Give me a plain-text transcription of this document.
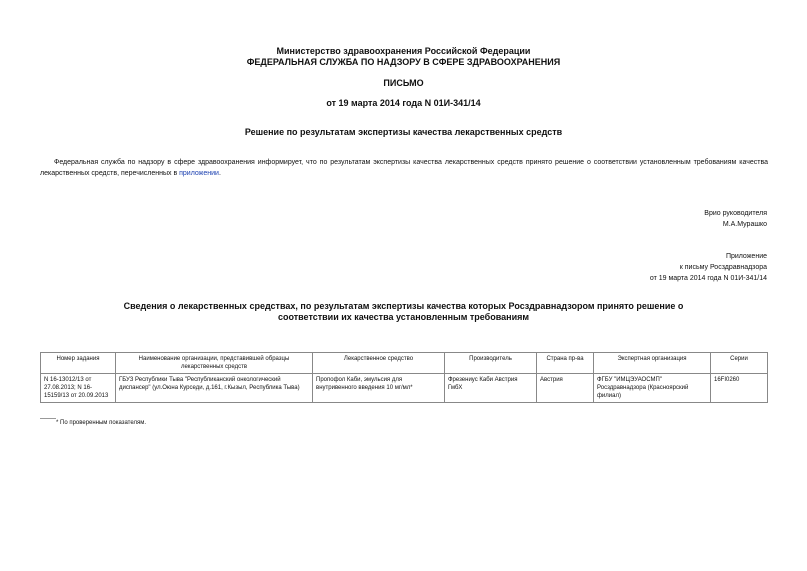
Министерство здравоохранения Российской Федерации
ФЕДЕРАЛЬНАЯ СЛУЖБА ПО НАДЗОРУ В СФЕРЕ ЗДРАВООХРАНЕНИЯ
ПИСЬМО
от 19 марта 2014 года N 01И-341/14
Решение по результатам экспертизы качества лекарственных средств
Федеральная служба по надзору в сфере здравоохранения информирует, что по результатам экспертизы качества лекарственных средств принято решение о соответствии установленным требованиям качества лекарственных средств, перечисленных в приложении.
Врио руководителя
М.А.Мурашко
Приложение
к письму Росздравнадзора
от 19 марта 2014 года N 01И-341/14
Сведения о лекарственных средствах, по результатам экспертизы качества которых Росздравнадзором принято решение о соответствии их качества установленным требованиям
Номер задания	Наименование организации, представившей образцы лекарственных средств	Лекарственное средство	Производитель	Страна пр-ва	Экспертная организация	Серии
N 16-13012/13 от 27.08.2013; N 16-15159/13 от 20.09.2013	ГБУЗ Республики Тыва "Республиканский онкологический диспансер" (ул.Оюна Курседи, д.161, г.Кызыл, Республика Тыва)	Пропофол Каби, эмульсия для внутривенного введения 10 мг/мл*	Фрезениус Каби Австрия ГмбХ	Австрия	ФГБУ "ИМЦЭУАОСМП" Росздравнадзора (Красноярский филиал)	16FI0260
* По проверенным показателям.
